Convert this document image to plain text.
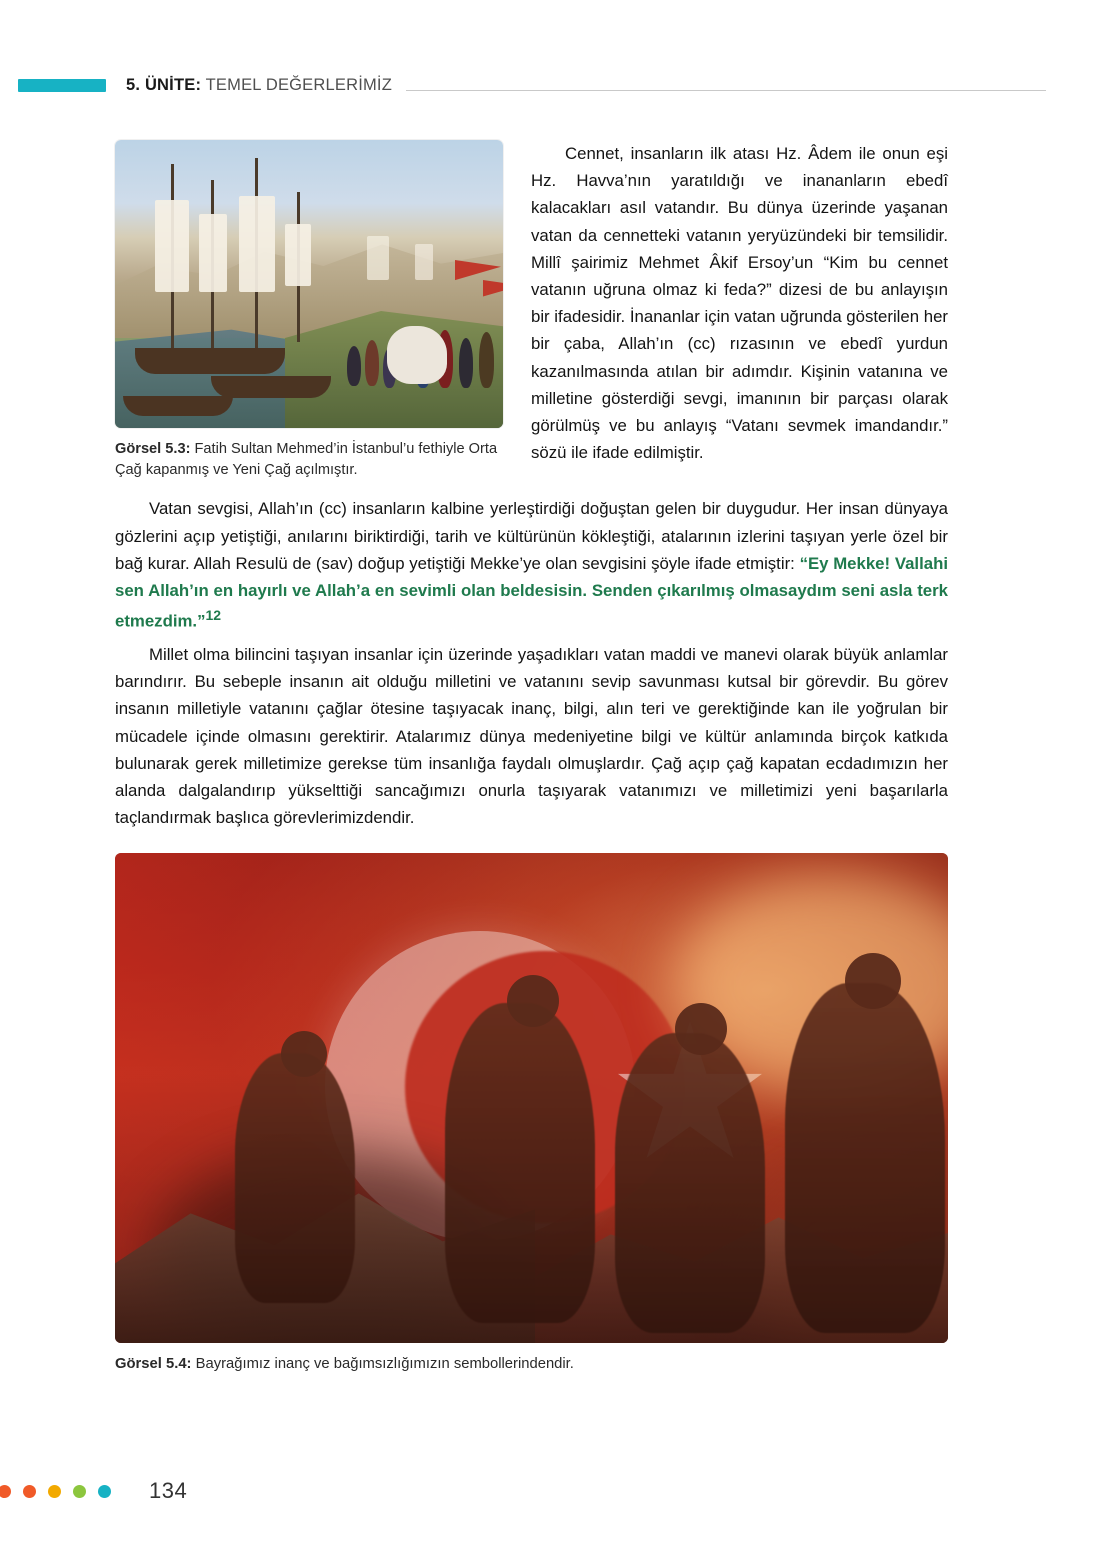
5. ÜNİTE: TEMEL DEĞERLERİMİZ
Görsel 5.3: Fatih Sultan Mehmed’in İstanbul’u fethiyle Orta Çağ kapanmış ve Yeni Çağ açılmıştır.

Cennet, insanların ilk atası Hz. Âdem ile onun eşi Hz. Havva’nın yaratıldığı ve inananların ebedî kalacakları asıl vatandır. Bu dünya üzerinde yaşanan vatan da cennetteki vatanın yeryüzündeki bir temsilidir. Millî şairimiz Mehmet Âkif Ersoy’un “Kim bu cennet vatanın uğruna olmaz ki feda?” dizesi de bu anlayışın bir ifadesidir. İnananlar için vatan uğrunda gösterilen her bir çaba, Allah’ın (cc) rızasının ve ebedî yurdun kazanılmasında atılan bir adımdır. Kişinin vatanına ve milletine gösterdiği sevgi, imanının bir parçası olarak görülmüş ve bu anlayış “Vatanı sevmek imandandır.” sözü ile ifade edilmiştir.

Vatan sevgisi, Allah’ın (cc) insanların kalbine yerleştirdiği doğuştan gelen bir duygudur. Her insan dünyaya gözlerini açıp yetiştiği, anılarını biriktirdiği, tarih ve kültürünün kökleştiği, atalarının izlerini taşıyan yerle özel bir bağ kurar. Allah Resulü de (sav) doğup yetiştiği Mekke’ye olan sevgisini şöyle ifade etmiştir: “Ey Mekke! Vallahi sen Allah’ın en hayırlı ve Allah’a en sevimli olan beldesisin. Senden çıkarılmış olmasaydım seni asla terk etmezdim.”$^{12}$

Millet olma bilincini taşıyan insanlar için üzerinde yaşadıkları vatan maddi ve manevi olarak büyük anlamlar barındırır. Bu sebeple insanın ait olduğu milletini ve vatanını sevip savunması kutsal bir görevdir. Bu görev insanın milletiyle vatanını çağlar ötesine taşıyacak inanç, bilgi, alın teri ve gerektiğinde kan ile yoğrulan bir mücadele içinde olmasını gerektirir. Atalarımız dünya medeniyetine bilgi ve kültür anlamında birçok katkıda bulunarak gerek milletimize gerekse tüm insanlığa faydalı olmuşlardır. Çağ açıp çağ kapatan ecdadımızın her alanda dalgalandırıp yükselttiği sancağımızı onurla taşıyarak vatanımızı ve milletimizi yeni başarılarla taçlandırmak başlıca görevlerimizdendir.

Görsel 5.4: Bayrağımız inanç ve bağımsızlığımızın sembollerindendir.
134
